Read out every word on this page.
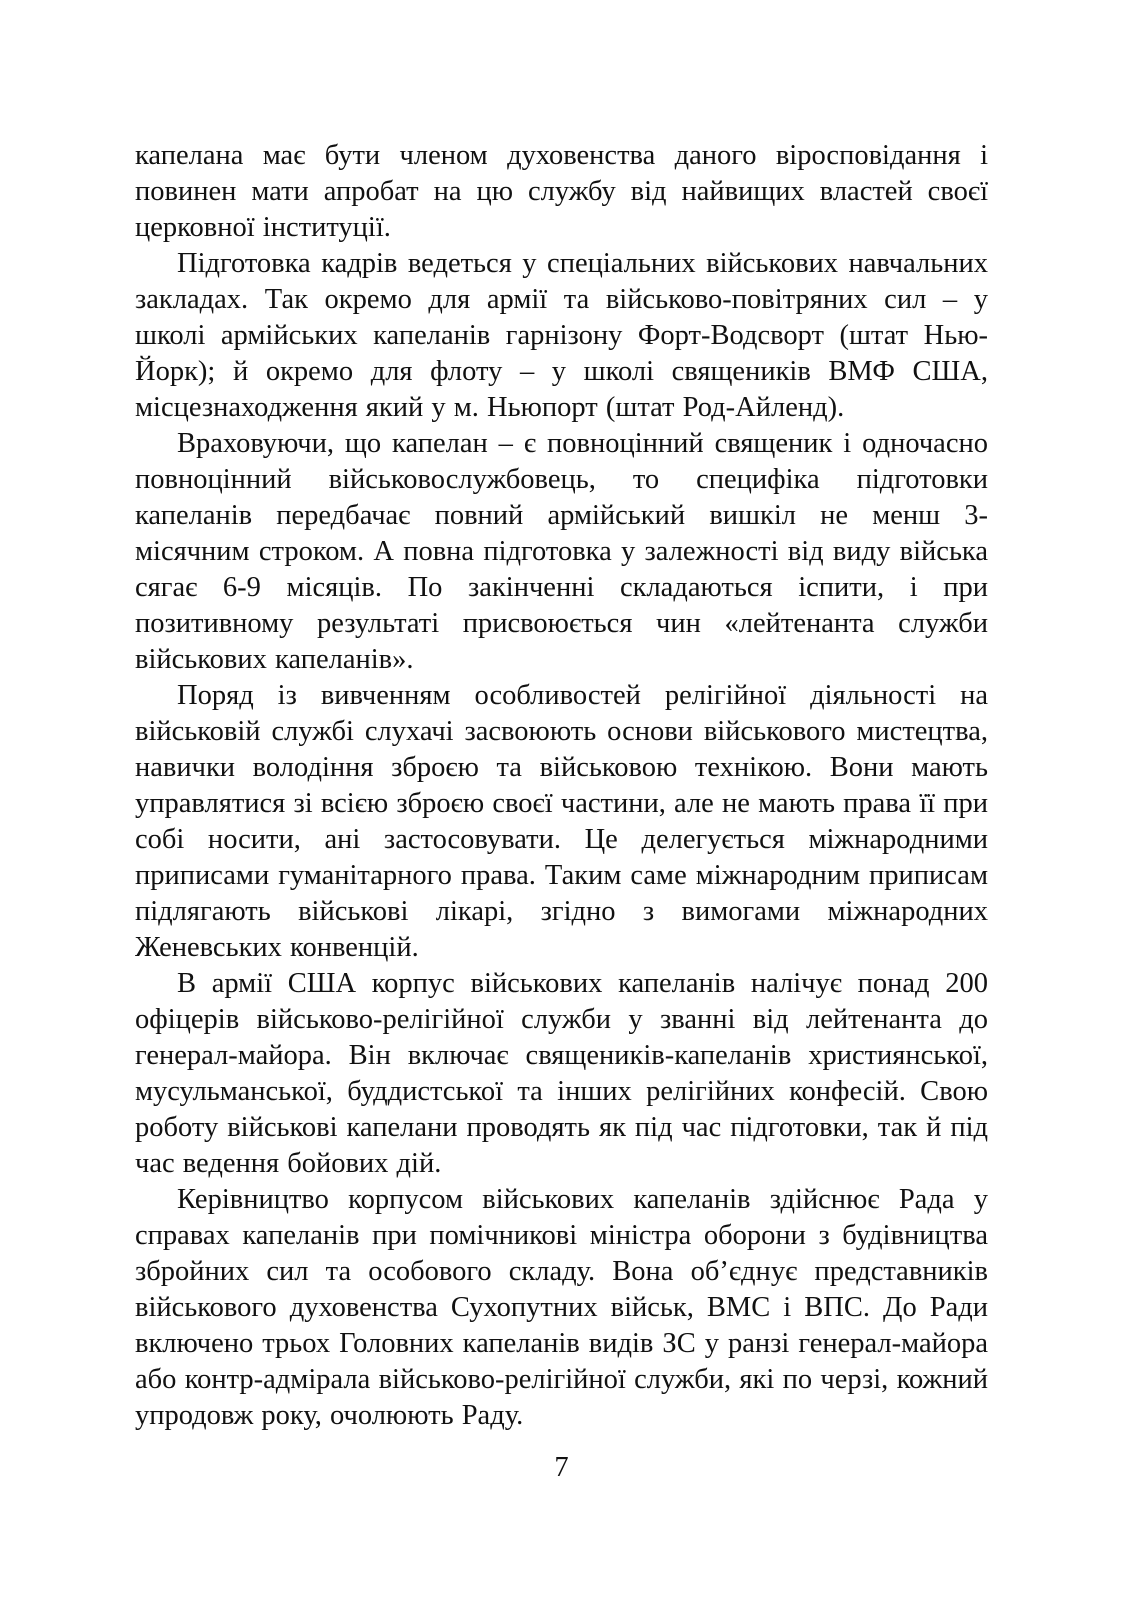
капелана має бути членом духовенства даного віросповідання і повинен мати апробат на цю службу від найвищих властей своєї церковної інституції.

Підготовка кадрів ведеться у спеціальних військових навчальних закладах. Так окремо для армії та військово-повітряних сил – у школі армійських капеланів гарнізону Форт-Водсворт (штат Нью-Йорк); й окремо для флоту – у школі священиків ВМФ США, місцезнаходження який у м. Ньюпорт (штат Род-Айленд).

Враховуючи, що капелан – є повноцінний священик і одночасно повноцінний військовослужбовець, то специфіка підготовки капеланів передбачає повний армійський вишкіл не менш 3-місячним строком. А повна підготовка у залежності від виду війська сягає 6-9 місяців. По закінченні складаються іспити, і при позитивному результаті присвоюється чин «лейтенанта служби військових капеланів».

Поряд із вивченням особливостей релігійної діяльності на військовій службі слухачі засвоюють основи військового мистецтва, навички володіння зброєю та військовою технікою. Вони мають управлятися зі всією зброєю своєї частини, але не мають права її при собі носити, ані застосовувати. Це делегується міжнародними приписами гуманітарного права. Таким саме міжнародним приписам підлягають військові лікарі, згідно з вимогами міжнародних Женевських конвенцій.

В армії США корпус військових капеланів налічує понад 200 офіцерів військово-релігійної служби у званні від лейтенанта до генерал-майора. Він включає священиків-капеланів християнської, мусульманської, буддистської та інших релігійних конфесій. Свою роботу військові капелани проводять як під час підготовки, так й під час ведення бойових дій.

Керівництво корпусом військових капеланів здійснює Рада у справах капеланів при помічникові міністра оборони з будівництва збройних сил та особового складу. Вона об’єднує представників військового духовенства Сухопутних військ, ВМС і ВПС. До Ради включено трьох Головних капеланів видів ЗС у ранзі генерал-майора або контр-адмірала військово-релігійної служби, які по черзі, кожний упродовж року, очолюють Раду.

7
